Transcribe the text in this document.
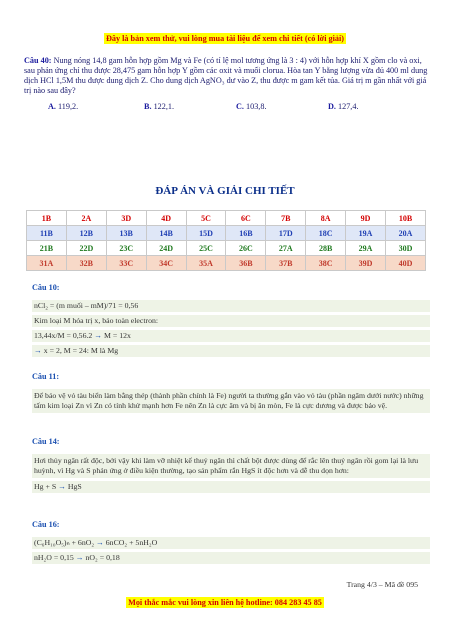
Đây là bản xem thử, vui lòng mua tài liệu để xem chi tiết (có lời giải)
Câu 40: Nung nóng 14,8 gam hỗn hợp gồm Mg và Fe (có tỉ lệ mol tương ứng là 3 : 4) với hỗn hợp khí X gồm clo và oxi, sau phản ứng chỉ thu được 28,475 gam hỗn hợp Y gồm các oxit và muối clorua. Hòa tan Y bằng lượng vừa đủ 400 ml dung dịch HCl 1,5M thu được dung dịch Z. Cho dung dịch AgNO₃ dư vào Z, thu được m gam kết tủa. Giá trị m gần nhất với giá trị nào sau đây?
A. 119,2.	B. 122,1.	C. 103,8.	D. 127,4.
ĐÁP ÁN VÀ GIẢI CHI TIẾT
1B	2A	3D	4D	5C	6C	7B	8A	9D	10B
11B	12B	13B	14B	15D	16B	17D	18C	19A	20A
21B	22D	23C	24D	25C	26C	27A	28B	29A	30D
31A	32B	33C	34C	35A	36B	37B	38C	39D	40D
Câu 10:
nCl₂ = (m muối – mM)/71 = 0,56
Kim loại M hóa trị x, bảo toàn electron:
13,44x/M = 0,56.2 → M = 12x
→ x = 2, M = 24: M là Mg
Câu 11:
Để bảo vệ vỏ tàu biển làm bằng thép (thành phần chính là Fe) người ta thường gắn vào vỏ tàu (phần ngâm dưới nước) những tấm kim loại Zn vì Zn có tính khử mạnh hơn Fe nên Zn là cực âm và bị ăn mòn, Fe là cực dương và được bảo vệ.
Câu 14:
Hơi thủy ngân rất độc, bởi vậy khi làm vỡ nhiệt kế thuỷ ngân thì chất bột được dùng để rắc lên thuỷ ngân rồi gom lại là lưu huỳnh, vì Hg và S phản ứng ở điều kiện thường, tạo sản phẩm rắn HgS ít độc hơn và dễ thu dọn hơn:
Hg + S → HgS
Câu 16:
(C₆H₁₀O₅)ₙ + 6nO₂ → 6nCO₂ + 5nH₂O
nH₂O = 0,15 → nO₂ = 0,18
Trang 4/3 – Mã đề 095
Mọi thắc mắc vui lòng xin liên hệ hotline: 084 283 45 85
